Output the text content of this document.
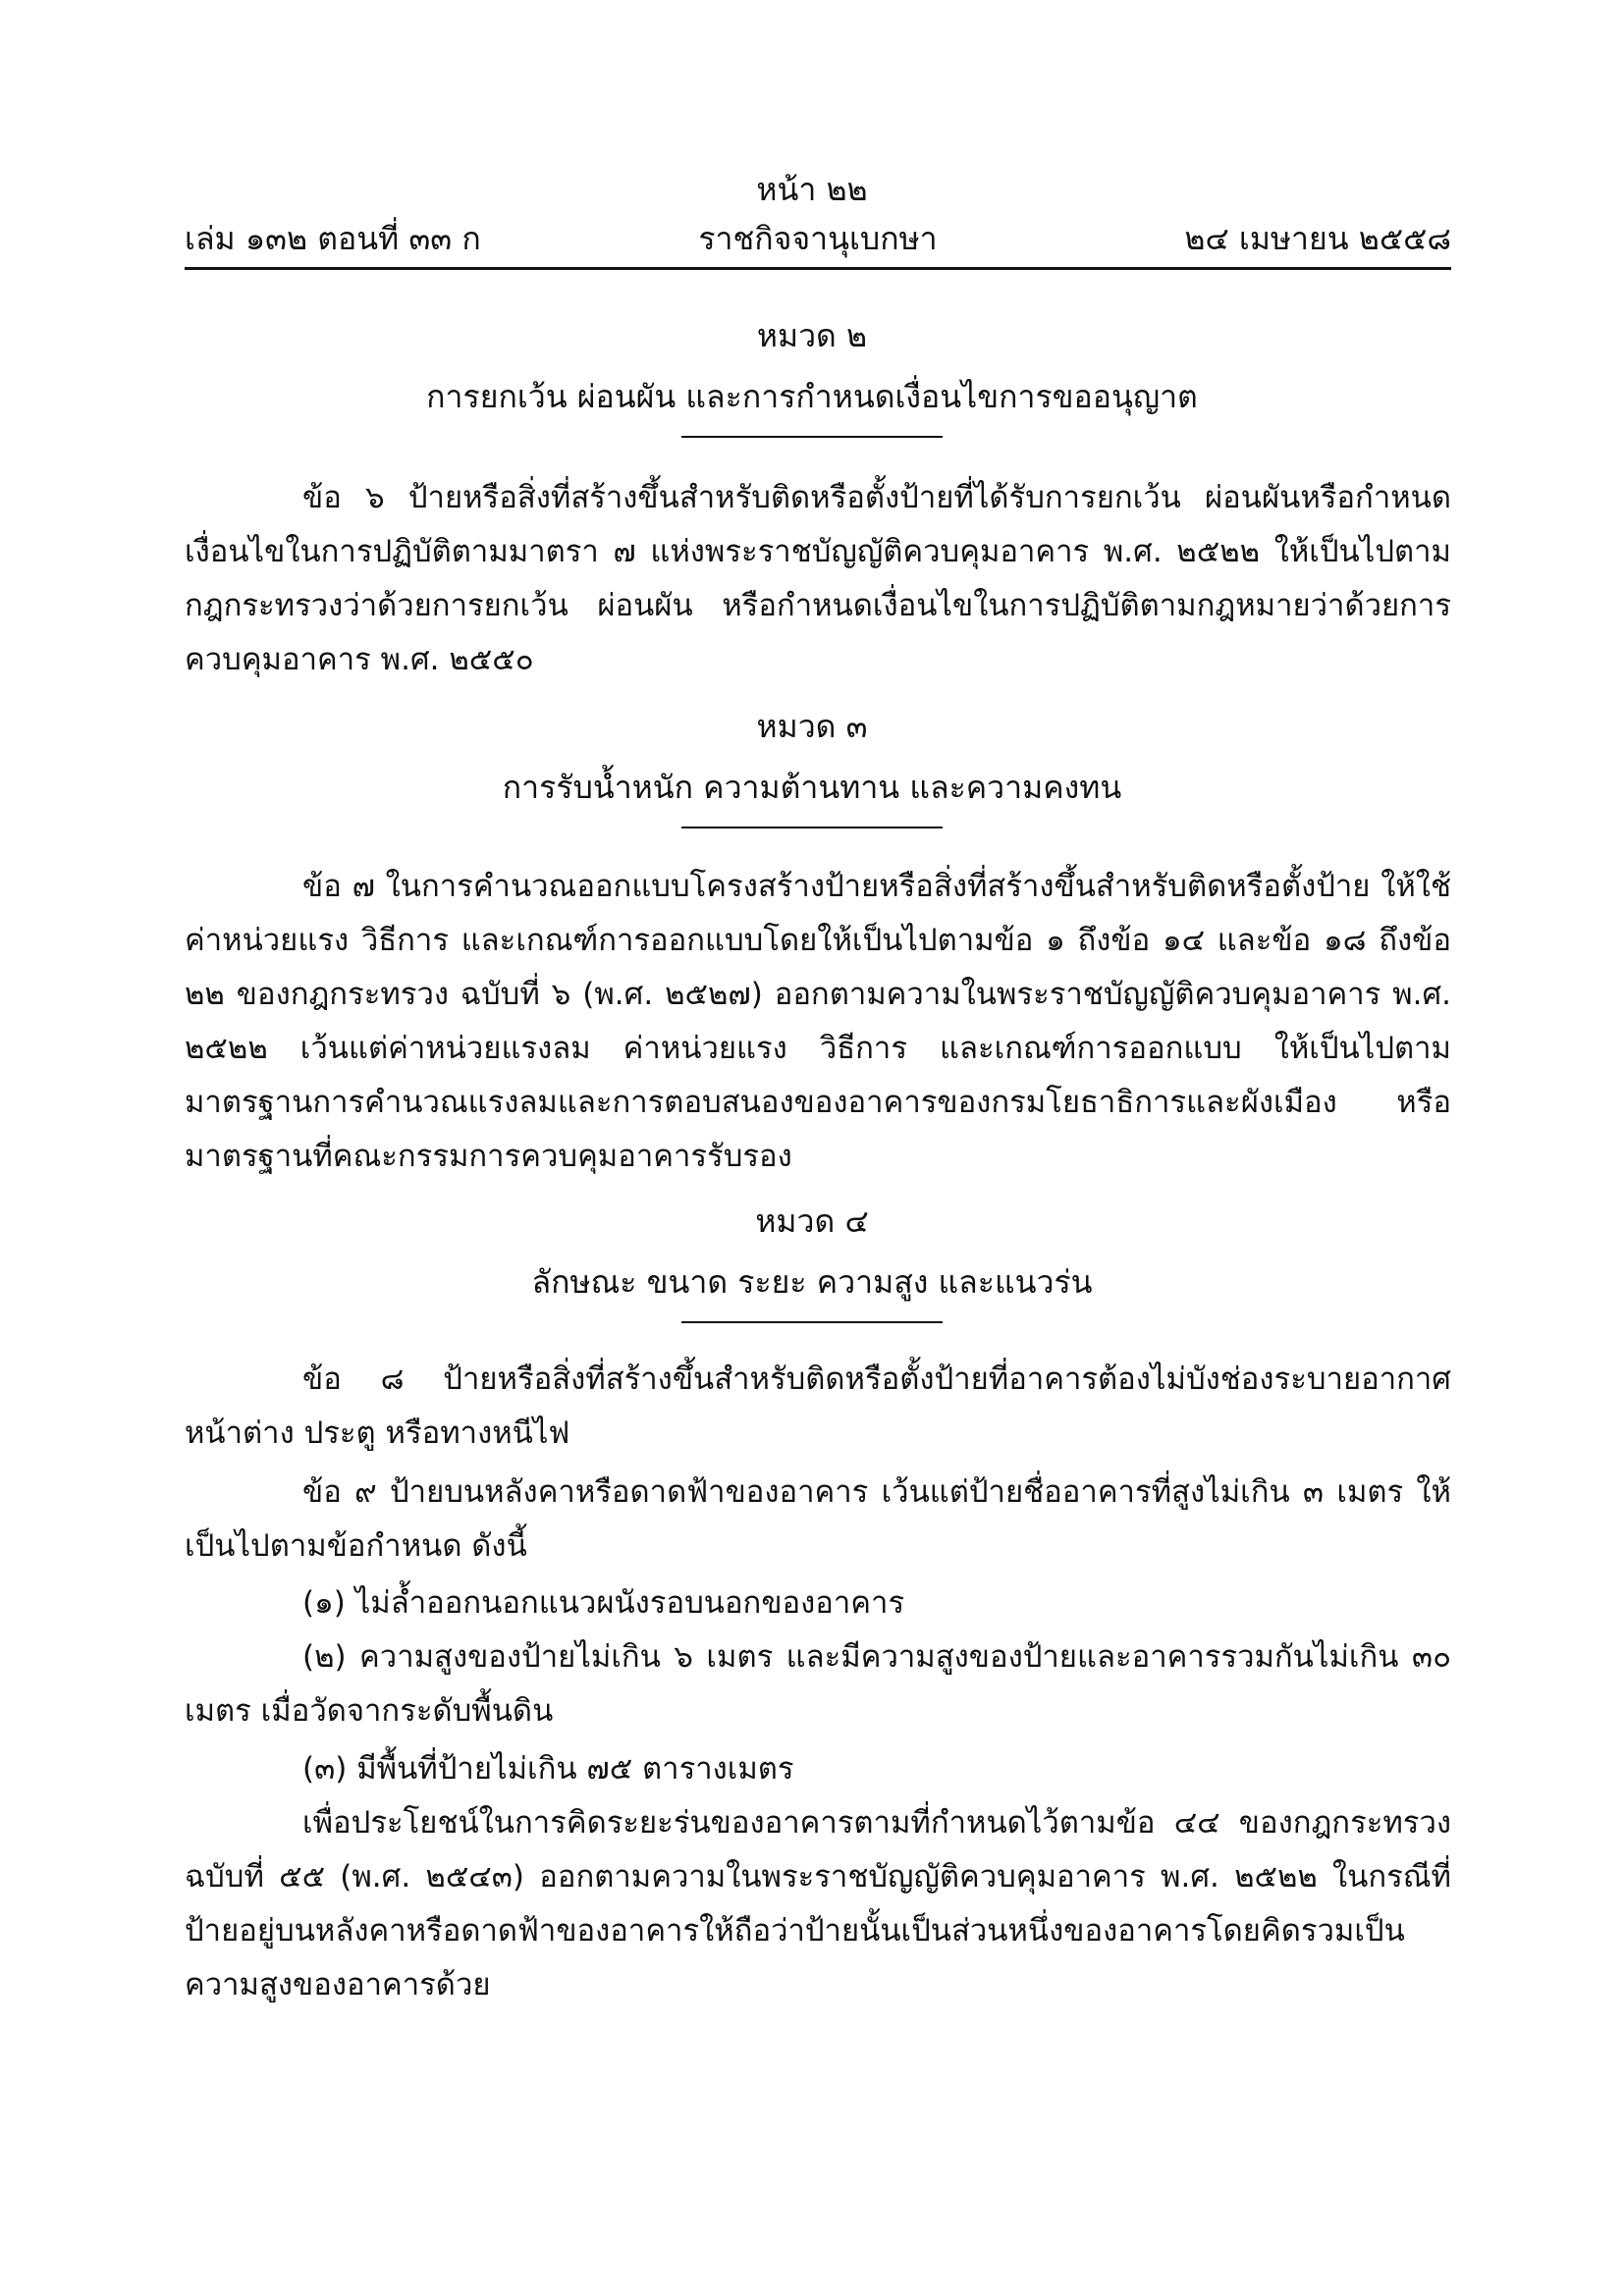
หน้า ๒๒
เล่ม ๑๓๒ ตอนที่ ๓๓ ก	ราชกิจจานุเบกษา	๒๔ เมษายน ๒๕๕๘
หมวด ๒
การยกเว้น ผ่อนผัน และการกำหนดเงื่อนไขการขออนุญาต
ข้อ ๖ ป้ายหรือสิ่งที่สร้างขึ้นสำหรับติดหรือตั้งป้ายที่ได้รับการยกเว้น ผ่อนผันหรือกำหนดเงื่อนไขในการปฏิบัติตามมาตรา ๗ แห่งพระราชบัญญัติควบคุมอาคาร พ.ศ. ๒๕๒๒ ให้เป็นไปตามกฎกระทรวงว่าด้วยการยกเว้น ผ่อนผัน หรือกำหนดเงื่อนไขในการปฏิบัติตามกฎหมายว่าด้วยการควบคุมอาคาร พ.ศ. ๒๕๕๐
หมวด ๓
การรับน้ำหนัก ความต้านทาน และความคงทน
ข้อ ๗ ในการคำนวณออกแบบโครงสร้างป้ายหรือสิ่งที่สร้างขึ้นสำหรับติดหรือตั้งป้าย ให้ใช้ค่าหน่วยแรง วิธีการ และเกณฑ์การออกแบบโดยให้เป็นไปตามข้อ ๑ ถึงข้อ ๑๔ และข้อ ๑๘ ถึงข้อ ๒๒ ของกฎกระทรวง ฉบับที่ ๖ (พ.ศ. ๒๕๒๗) ออกตามความในพระราชบัญญัติควบคุมอาคาร พ.ศ. ๒๕๒๒ เว้นแต่ค่าหน่วยแรงลม ค่าหน่วยแรง วิธีการ และเกณฑ์การออกแบบ ให้เป็นไปตามมาตรฐานการคำนวณแรงลมและการตอบสนองของอาคารของกรมโยธาธิการและผังเมือง หรือมาตรฐานที่คณะกรรมการควบคุมอาคารรับรอง
หมวด ๔
ลักษณะ ขนาด ระยะ ความสูง และแนวร่น
ข้อ ๘ ป้ายหรือสิ่งที่สร้างขึ้นสำหรับติดหรือตั้งป้ายที่อาคารต้องไม่บังช่องระบายอากาศ หน้าต่าง ประตู หรือทางหนีไฟ
ข้อ ๙ ป้ายบนหลังคาหรือดาดฟ้าของอาคาร เว้นแต่ป้ายชื่ออาคารที่สูงไม่เกิน ๓ เมตร ให้เป็นไปตามข้อกำหนด ดังนี้
(๑) ไม่ล้ำออกนอกแนวผนังรอบนอกของอาคาร
(๒) ความสูงของป้ายไม่เกิน ๖ เมตร และมีความสูงของป้ายและอาคารรวมกันไม่เกิน ๓๐ เมตร เมื่อวัดจากระดับพื้นดิน
(๓) มีพื้นที่ป้ายไม่เกิน ๗๕ ตารางเมตร
เพื่อประโยชน์ในการคิดระยะร่นของอาคารตามที่กำหนดไว้ตามข้อ ๔๔ ของกฎกระทรวง ฉบับที่ ๕๕ (พ.ศ. ๒๕๔๓) ออกตามความในพระราชบัญญัติควบคุมอาคาร พ.ศ. ๒๕๒๒ ในกรณีที่ป้ายอยู่บนหลังคาหรือดาดฟ้าของอาคารให้ถือว่าป้ายนั้นเป็นส่วนหนึ่งของอาคารโดยคิดรวมเป็นความสูงของอาคารด้วย
